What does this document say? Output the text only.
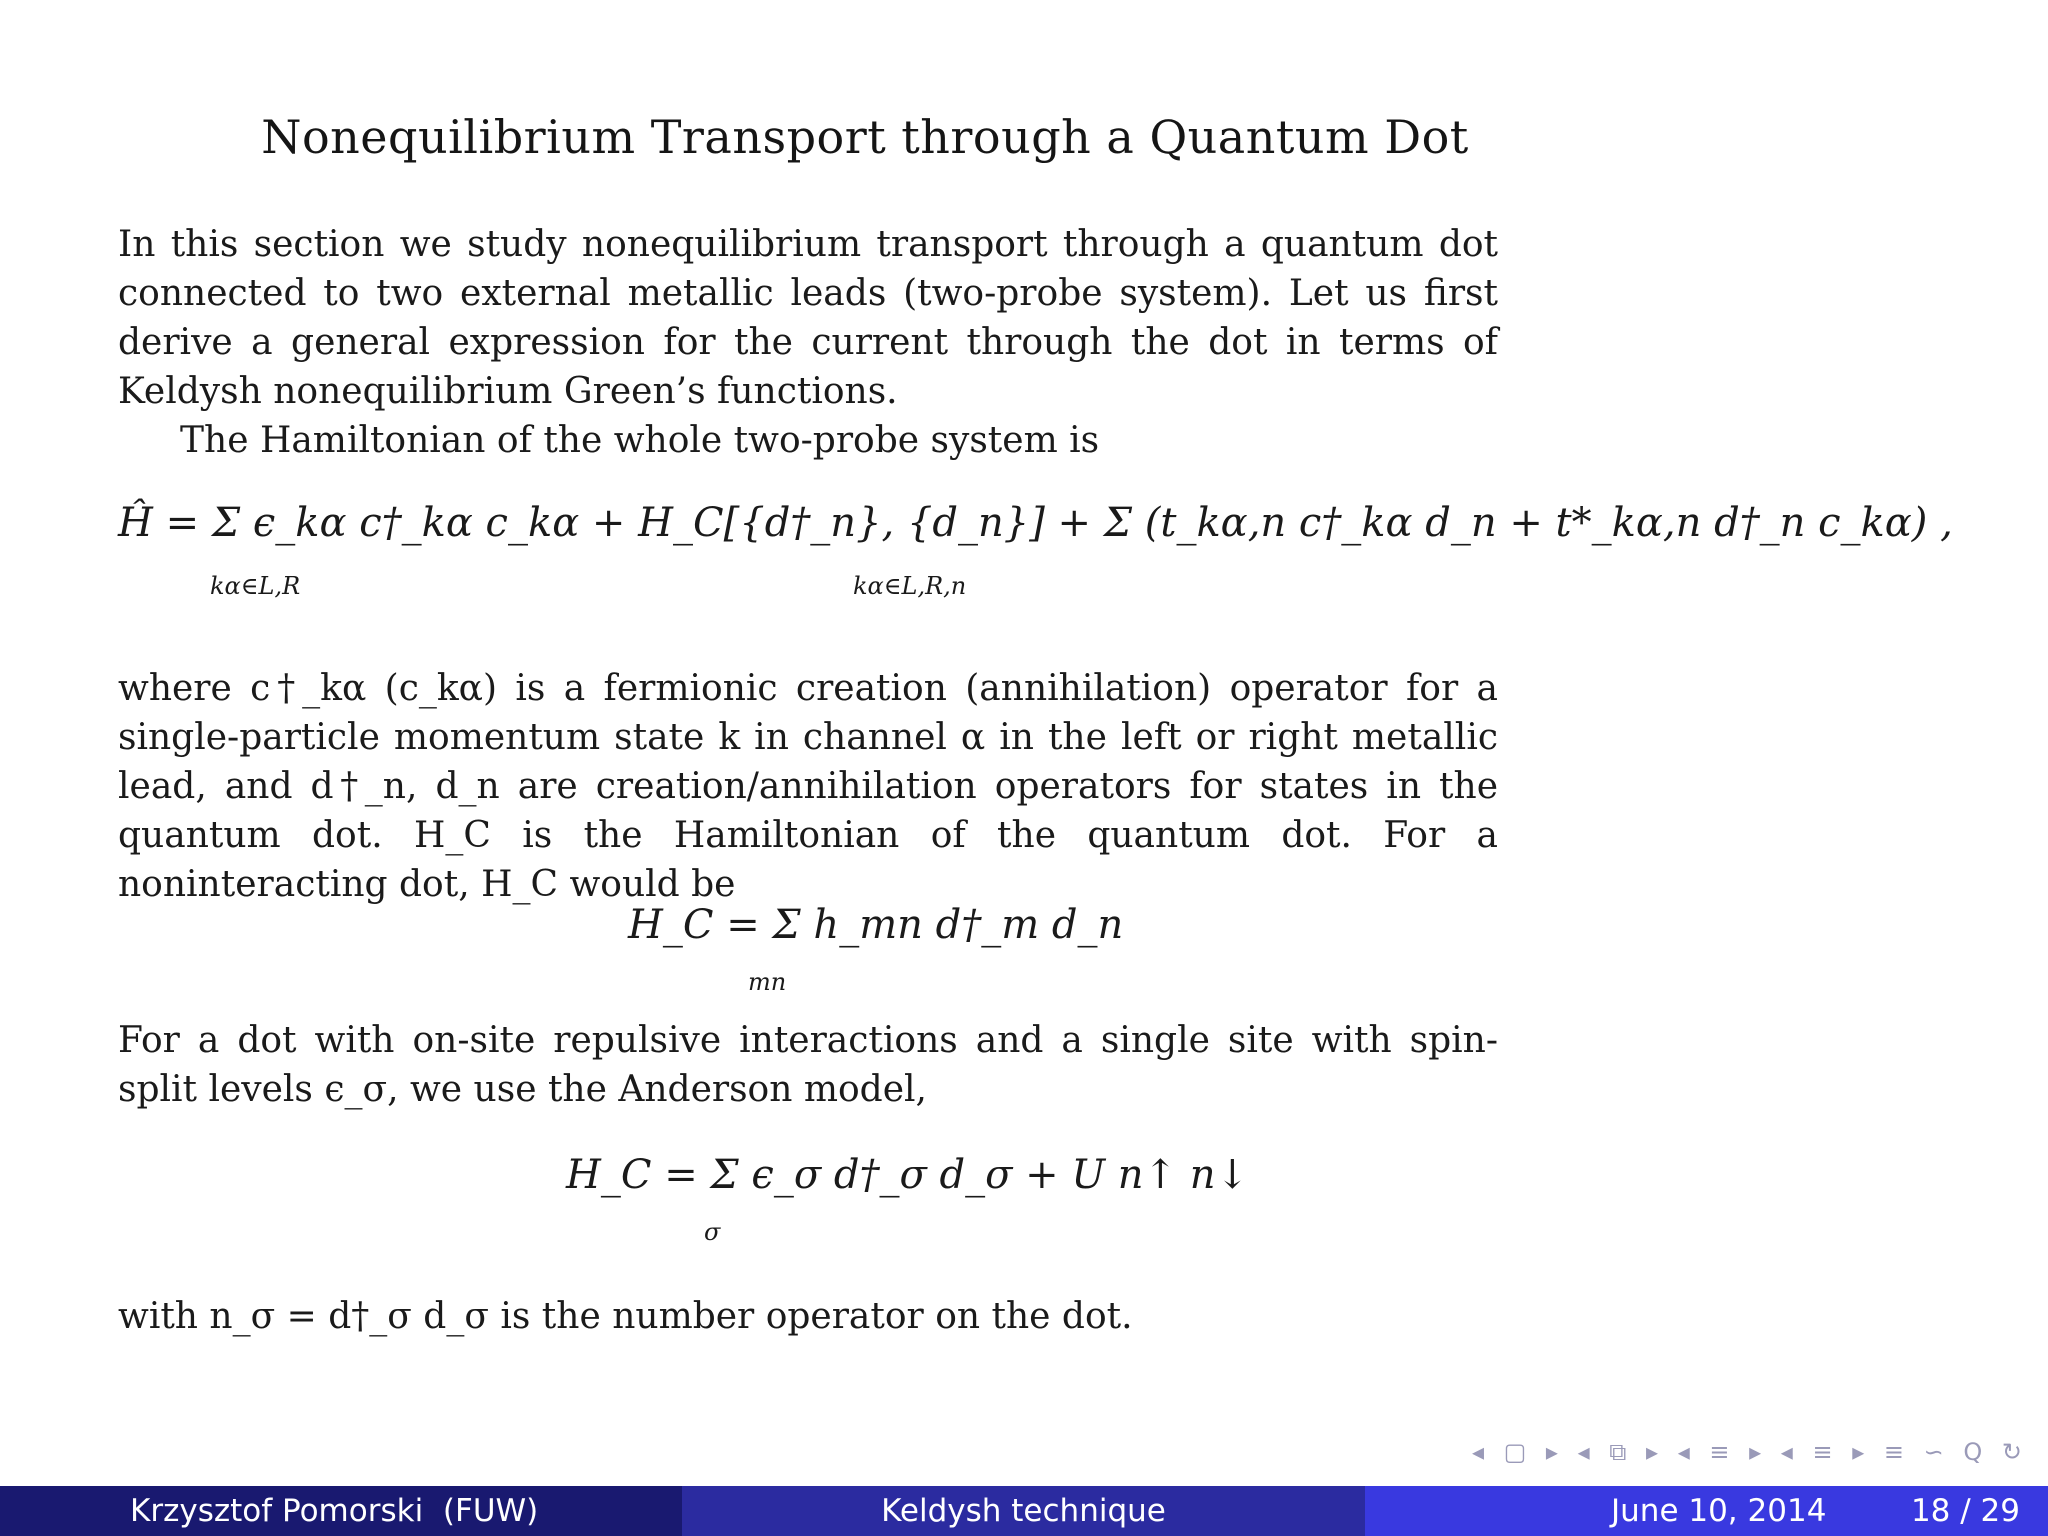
Nonequilibrium Transport through a Quantum Dot

In this section we study nonequilibrium transport through a quantum dot connected to two external metallic leads (two-probe system). Let us first derive a general expression for the current through the dot in terms of Keldysh nonequilibrium Green’s functions.

The Hamiltonian of the whole two-probe system is

Ĥ = Σ ϵ_kα c†_kα c_kα + H_C[{d†_n}, {d_n}] + Σ (t_kα,n c†_kα d_n + t*_kα,n d†_n c_kα) ,
kα∈L,R	kα∈L,R,n
where c†_kα (c_kα) is a fermionic creation (annihilation) operator for a single-particle momentum state k in channel α in the left or right metallic lead, and d†_n, d_n are creation/annihilation operators for states in the quantum dot. H_C is the Hamiltonian of the quantum dot. For a noninteracting dot, H_C would be
H_C = Σ h_mn d†_m d_n
mn
For a dot with on-site repulsive interactions and a single site with spin-split levels ϵ_σ, we use the Anderson model,
H_C = Σ ϵ_σ d†_σ d_σ + U n↑ n↓
σ
with n_σ = d†_σ d_σ is the number operator on the dot.
◂ ▢ ▸ ◂ ⧉ ▸ ◂ ≡ ▸ ◂ ≡ ▸ ≡ ∽ Q ↻
Krzysztof Pomorski  (FUW)	Keldysh technique	June 10, 2014	18 / 29
